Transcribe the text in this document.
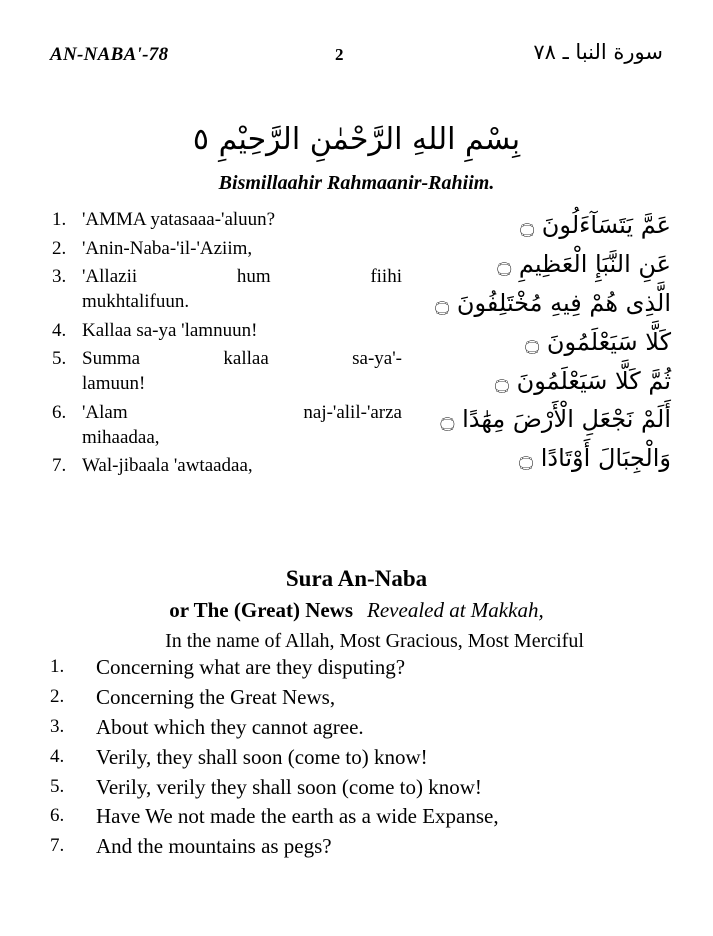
AN-NABA'-78	2	سورة النبا ـ ٧٨
بِسْمِ اللهِ الرَّحْمٰنِ الرَّحِيْمِ ٥
Bismillaahir Rahmaanir-Rahiim.
1. 'AMMA yatasaaa-'aluun?
2. 'Anin-Naba-'il-'Aziim,
3. 'Allazii hum fiihi
mukhtalifuun.
4. Kallaa sa-ya 'lamnuun!
5. Summa kallaa sa-ya'-
lamuun!
6. 'Alam naj-'alil-'arza
mihaadaa,
7. Wal-jibaala 'awtaadaa,
عَمَّ يَتَسَآءَلُونَ ۝
عَنِ النَّبَإِ الْعَظِيمِ ۝
الَّذِى هُمْ فِيهِ مُخْتَلِفُونَ ۝
كَلَّا سَيَعْلَمُونَ ۝
ثُمَّ كَلَّا سَيَعْلَمُونَ ۝
أَلَمْ نَجْعَلِ الْأَرْضَ مِهَٰدًا ۝
وَالْجِبَالَ أَوْتَادًا ۝
Sura An-Naba
or The (Great) News Revealed at Makkah,
In the name of Allah, Most Gracious, Most Merciful
1.	Concerning what are they disputing?
2.	Concerning the Great News,
3.	About which they cannot agree.
4.	Verily, they shall soon (come to) know!
5.	Verily, verily they shall soon (come to) know!
6.	Have We not made the earth as a wide Expanse,
7.	And the mountains as pegs?
